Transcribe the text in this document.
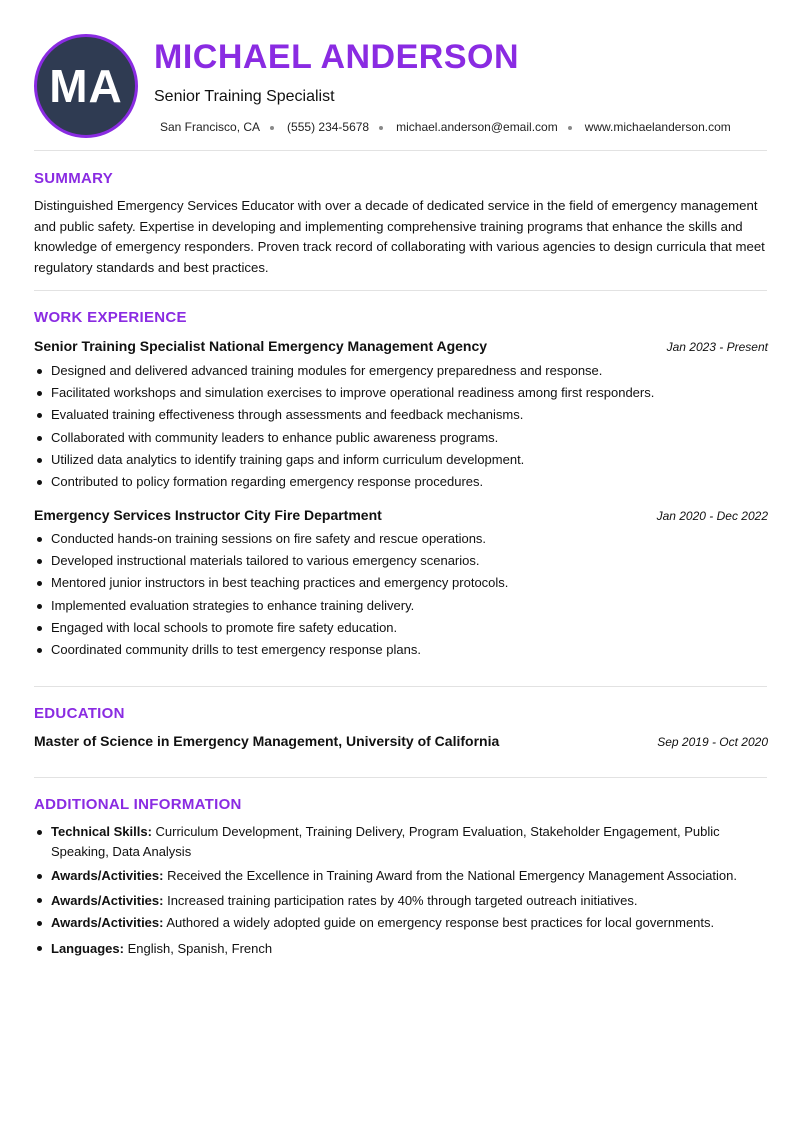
MA
MICHAEL ANDERSON
Senior Training Specialist
San Francisco, CA (555) 234-5678 michael.anderson@email.com www.michaelanderson.com
SUMMARY
Distinguished Emergency Services Educator with over a decade of dedicated service in the field of emergency management and public safety. Expertise in developing and implementing comprehensive training programs that enhance the skills and knowledge of emergency responders. Proven track record of collaborating with various agencies to design curricula that meet regulatory standards and best practices.
WORK EXPERIENCE
Senior Training Specialist National Emergency Management Agency	Jan 2023 - Present
Designed and delivered advanced training modules for emergency preparedness and response.
Facilitated workshops and simulation exercises to improve operational readiness among first responders.
Evaluated training effectiveness through assessments and feedback mechanisms.
Collaborated with community leaders to enhance public awareness programs.
Utilized data analytics to identify training gaps and inform curriculum development.
Contributed to policy formation regarding emergency response procedures.
Emergency Services Instructor City Fire Department	Jan 2020 - Dec 2022
Conducted hands-on training sessions on fire safety and rescue operations.
Developed instructional materials tailored to various emergency scenarios.
Mentored junior instructors in best teaching practices and emergency protocols.
Implemented evaluation strategies to enhance training delivery.
Engaged with local schools to promote fire safety education.
Coordinated community drills to test emergency response plans.
EDUCATION
Master of Science in Emergency Management, University of California	Sep 2019 - Oct 2020
ADDITIONAL INFORMATION
Technical Skills: Curriculum Development, Training Delivery, Program Evaluation, Stakeholder Engagement, Public Speaking, Data Analysis
Awards/Activities: Received the Excellence in Training Award from the National Emergency Management Association.
Awards/Activities: Increased training participation rates by 40% through targeted outreach initiatives.
Awards/Activities: Authored a widely adopted guide on emergency response best practices for local governments.
Languages: English, Spanish, French
